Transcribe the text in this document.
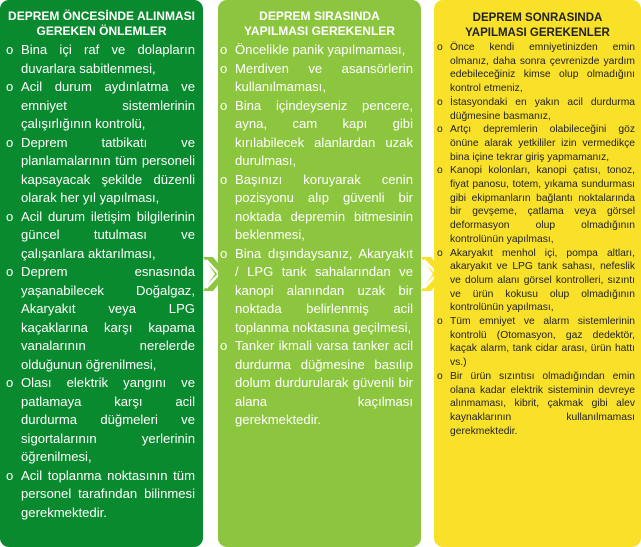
DEPREM ÖNCESİNDE ALINMASI
GEREKEN ÖNLEMLER
o Bina içi raf ve dolapların duvarlara sabitlenmesi,
o Acil durum aydınlatma ve emniyet sistemlerinin çalışırlığının kontrolü,
o Deprem tatbikatı ve planlamalarının tüm personeli kapsayacak şekilde düzenli olarak her yıl yapılması,
o Acil durum iletişim bilgilerinin güncel tutulması ve çalışanlara aktarılması,
o Deprem esnasında yaşanabilecek Doğalgaz, Akaryakıt veya LPG kaçaklarına karşı kapama vanalarının nerelerde olduğunun öğrenilmesi,
o Olası elektrik yangını ve patlamaya karşı acil durdurma düğmeleri ve sigortalarının yerlerinin öğrenilmesi,
o Acil toplanma noktasının tüm personel tarafından bilinmesi gerekmektedir.
DEPREM SIRASINDA
YAPILMASI GEREKENLER
o Öncelikle panik yapılmaması,
o Merdiven ve asansörlerin kullanılmaması,
o Bina içindeyseniz pencere, ayna, cam kapı gibi kırılabilecek alanlardan uzak durulması,
o Başınızı koruyarak cenin pozisyonu alıp güvenli bir noktada depremin bitmesinin beklenmesi,
o Bina dışındaysanız, Akaryakıt / LPG tank sahalarından ve kanopi alanından uzak bir noktada belirlenmiş acil toplanma noktasına geçilmesi,
o Tanker ikmali varsa tanker acil durdurma düğmesine basılıp dolum durdurularak güvenli bir alana kaçılması gerekmektedir.
DEPREM SONRASINDA
YAPILMASI GEREKENLER
o Önce kendi emniyetinizden emin olmanız, daha sonra çevrenizde yardım edebileceğiniz kimse olup olmadığını kontrol etmeniz,
o İstasyondaki en yakın acil durdurma düğmesine basmanız,
o Artçı depremlerin olabileceğini göz önüne alarak yetkililer izin vermedikçe bina içine tekrar giriş yapmamanız,
o Kanopi kolonları, kanopi çatısı, tonoz, fiyat panosu, totem, yıkama sundurması gibi ekipmanların bağlantı noktalarında bir gevşeme, çatlama veya görsel deformasyon olup olmadığının kontrolünün yapılması,
o Akaryakıt menhol içi, pompa altları, akaryakıt ve LPG tank sahası, nefeslik ve dolum alanı görsel kontrolleri, sızıntı ve ürün kokusu olup olmadığının kontrolünün yapılması,
o Tüm emniyet ve alarm sistemlerinin kontrolü (Otomasyon, gaz dedektör, kaçak alarm, tank cidar arası, ürün hattı vs.)
o Bir ürün sızıntısı olmadığından emin olana kadar elektrik sisteminin devreye alınmaması, kibrit, çakmak gibi alev kaynaklarının kullanılmaması gerekmektedir.
